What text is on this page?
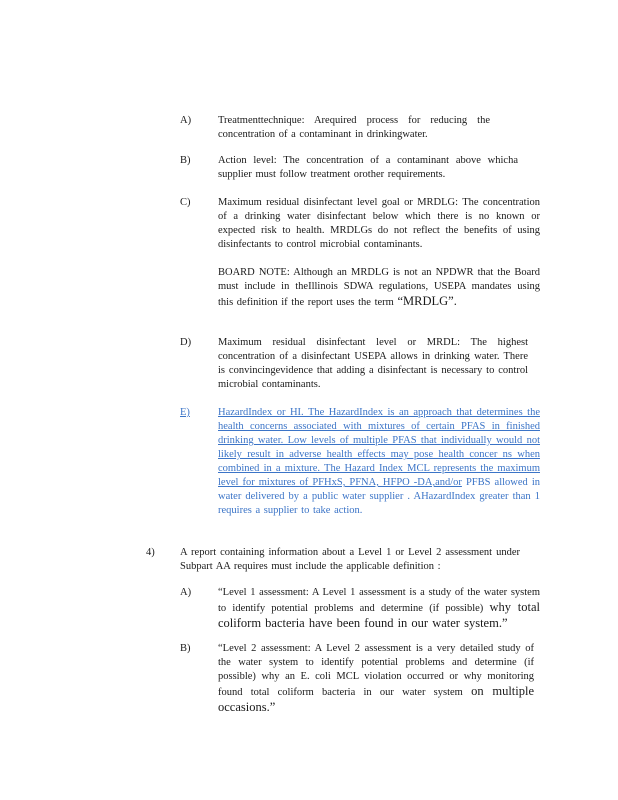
A)	Treatmenttechnique: Arequired process for reducing the concentration of a contaminant in drinkingwater.
B)	Action level: The concentration of a contaminant above whicha supplier must follow treatment orother requirements.
C)	Maximum residual disinfectant level goal or MRDLG: The concentration of a drinking water disinfectant below which there is no known or expected risk to health. MRDLGs do not reflect the benefits of using disinfectants to control microbial contaminants.
BOARD NOTE: Although an MRDLG is not an NPDWR that the Board must include in theIllinois SDWA regulations, USEPA mandates using this definition if the report uses the term “MRDLG”.
D)	Maximum residual disinfectant level or MRDL: The highest concentration of a disinfectant USEPA allows in drinking water. There is convincingevidence that adding a disinfectant is necessary to control microbial contaminants.
E)	HazardIndex or HI. The HazardIndex is an approach that determines the health concerns associated with mixtures of certain PFAS in finished drinking water. Low levels of multiple PFAS that individually would not likely result in adverse health effects may pose health concer ns when combined in a mixture. The Hazard Index MCL represents the maximum level for mixtures of PFHxS, PFNA, HFPO -DA,and/or PFBS allowed in water delivered by a public water supplier . AHazardIndex greater than 1 requires a supplier to take action.
4) A report containing information about a Level 1 or Level 2 assessment under Subpart AA requires must include the applicable definition :
A)	“Level 1 assessment: A Level 1 assessment is a study of the water system to identify potential problems and determine (if possible) why total coliform bacteria have been found in our water system.”
B)	“Level 2 assessment: A Level 2 assessment is a very detailed study of the water system to identify potential problems and determine (if possible) why an E. coli MCL violation occurred or why monitoring found total coliform bacteria in our water system on multiple occasions.”
